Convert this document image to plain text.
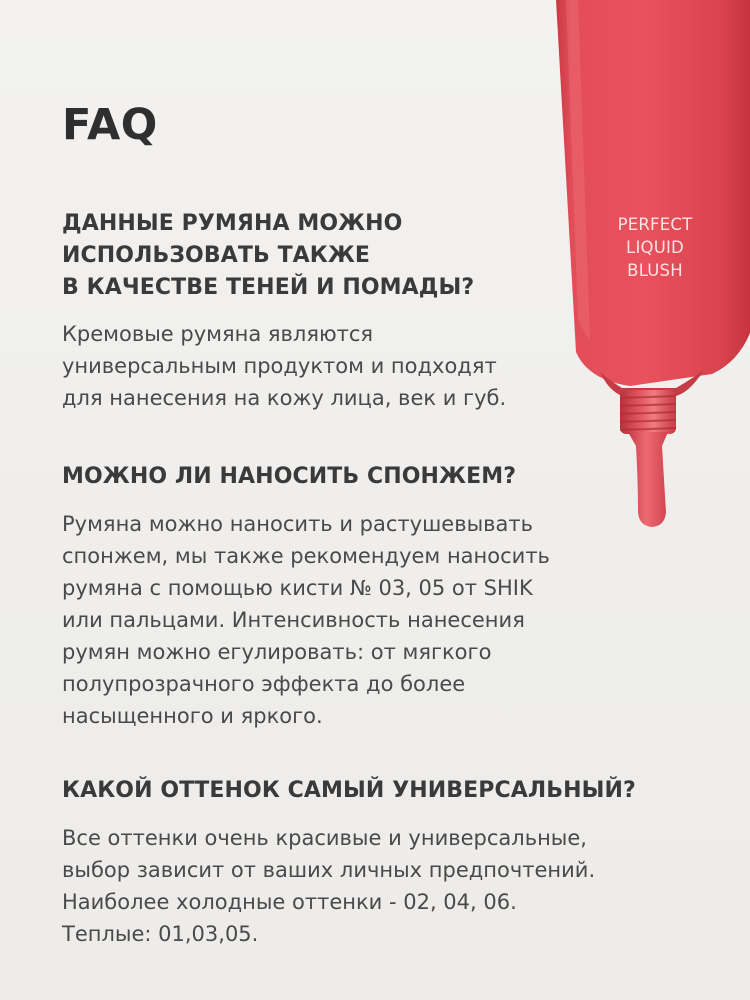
PERFECT
LIQUID
BLUSH
FAQ
ДАННЫЕ РУМЯНА МОЖНО
ИСПОЛЬЗОВАТЬ ТАКЖЕ
В КАЧЕСТВЕ ТЕНЕЙ И ПОМАДЫ?

Кремовые румяна являются
универсальным продуктом и подходят
для нанесения на кожу лица, век и губ.

МОЖНО ЛИ НАНОСИТЬ СПОНЖЕМ?

Румяна можно наносить и растушевывать
спонжем, мы также рекомендуем наносить
румяна с помощью кисти № 03, 05 от SHIK
или пальцами. Интенсивность нанесения
румян можно егулировать: от мягкого
полупрозрачного эффекта до более
насыщенного и яркого.

КАКОЙ ОТТЕНОК САМЫЙ УНИВЕРСАЛЬНЫЙ?

Все оттенки очень красивые и универсальные,
выбор зависит от ваших личных предпочтений.
Наиболее холодные оттенки - 02, 04, 06.
Теплые: 01,03,05.
